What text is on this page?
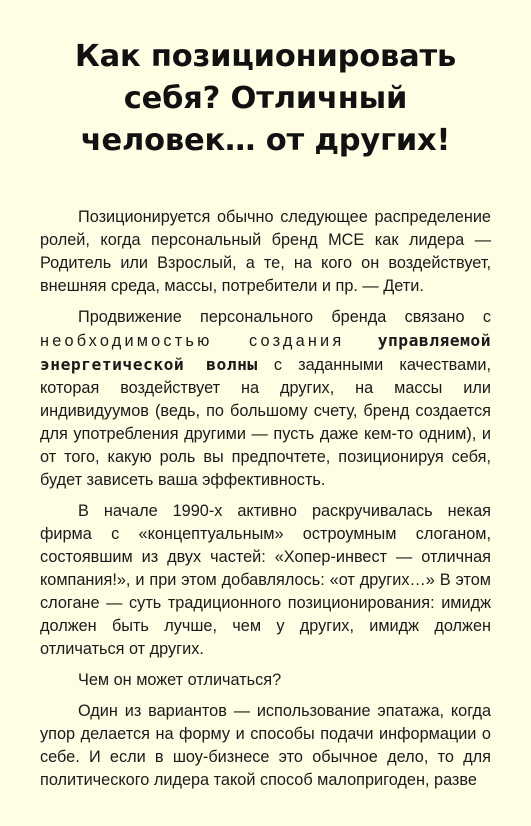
Как позиционировать
себя? Отличный
человек… от других!

Позиционируется обычно следующее распределение ролей, когда персональный бренд МСЕ как лидера — Родитель или Взрослый, а те, на кого он воздействует, внешняя среда, массы, потребители и пр. — Дети.

Продвижение персонального бренда связано с необходимостью создания управляемой энергетической волны с заданными качествами, которая воздействует на других, на массы или индивидуумов (ведь, по большому счету, бренд создается для употребления другими — пусть даже кем-то одним), и от того, какую роль вы предпочтете, позиционируя себя, будет зависеть ваша эффективность.

В начале 1990-х активно раскручивалась некая фирма с «концептуальным» остроумным слоганом, состоявшим из двух частей: «Хопер-инвест — отличная компания!», и при этом добавлялось: «от других…» В этом слогане — суть традиционного позиционирования: имидж должен быть лучше, чем у других, имидж должен отличаться от других.

Чем он может отличаться?

Один из вариантов — использование эпатажа, когда упор делается на форму и способы подачи информации о себе. И если в шоу-бизнесе это обычное дело, то для политического лидера такой способ малопригоден, разве
